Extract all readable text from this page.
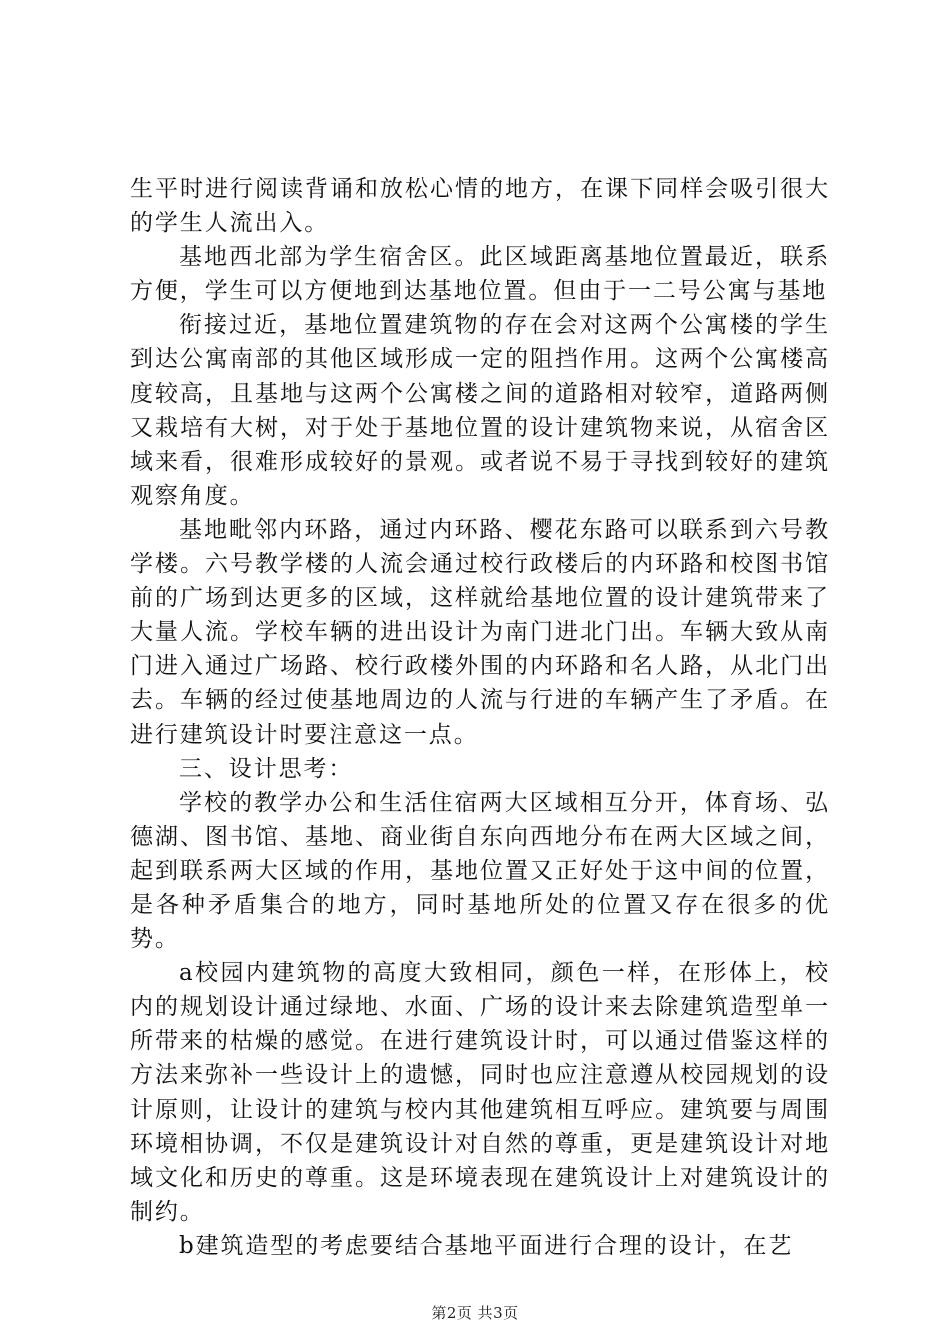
生平时进行阅读背诵和放松心情的地方，在课下同样会吸引很大的学生人流出入。

基地西北部为学生宿舍区。此区域距离基地位置最近，联系方便，学生可以方便地到达基地位置。但由于一二号公寓与基地

衔接过近，基地位置建筑物的存在会对这两个公寓楼的学生到达公寓南部的其他区域形成一定的阻挡作用。这两个公寓楼高度较高，且基地与这两个公寓楼之间的道路相对较窄，道路两侧又栽培有大树，对于处于基地位置的设计建筑物来说，从宿舍区域来看，很难形成较好的景观。或者说不易于寻找到较好的建筑观察角度。

基地毗邻内环路，通过内环路、樱花东路可以联系到六号教学楼。六号教学楼的人流会通过校行政楼后的内环路和校图书馆前的广场到达更多的区域，这样就给基地位置的设计建筑带来了大量人流。学校车辆的进出设计为南门进北门出。车辆大致从南门进入通过广场路、校行政楼外围的内环路和名人路，从北门出去。车辆的经过使基地周边的人流与行进的车辆产生了矛盾。在进行建筑设计时要注意这一点。

三、设计思考：

学校的教学办公和生活住宿两大区域相互分开，体育场、弘德湖、图书馆、基地、商业街自东向西地分布在两大区域之间，起到联系两大区域的作用，基地位置又正好处于这中间的位置，是各种矛盾集合的地方，同时基地所处的位置又存在很多的优势。

a校园内建筑物的高度大致相同，颜色一样，在形体上，校内的规划设计通过绿地、水面、广场的设计来去除建筑造型单一所带来的枯燥的感觉。在进行建筑设计时，可以通过借鉴这样的方法来弥补一些设计上的遗憾，同时也应注意遵从校园规划的设计原则，让设计的建筑与校内其他建筑相互呼应。建筑要与周围环境相协调，不仅是建筑设计对自然的尊重，更是建筑设计对地域文化和历史的尊重。这是环境表现在建筑设计上对建筑设计的制约。

b建筑造型的考虑要结合基地平面进行合理的设计，在艺

第2页 共3页
